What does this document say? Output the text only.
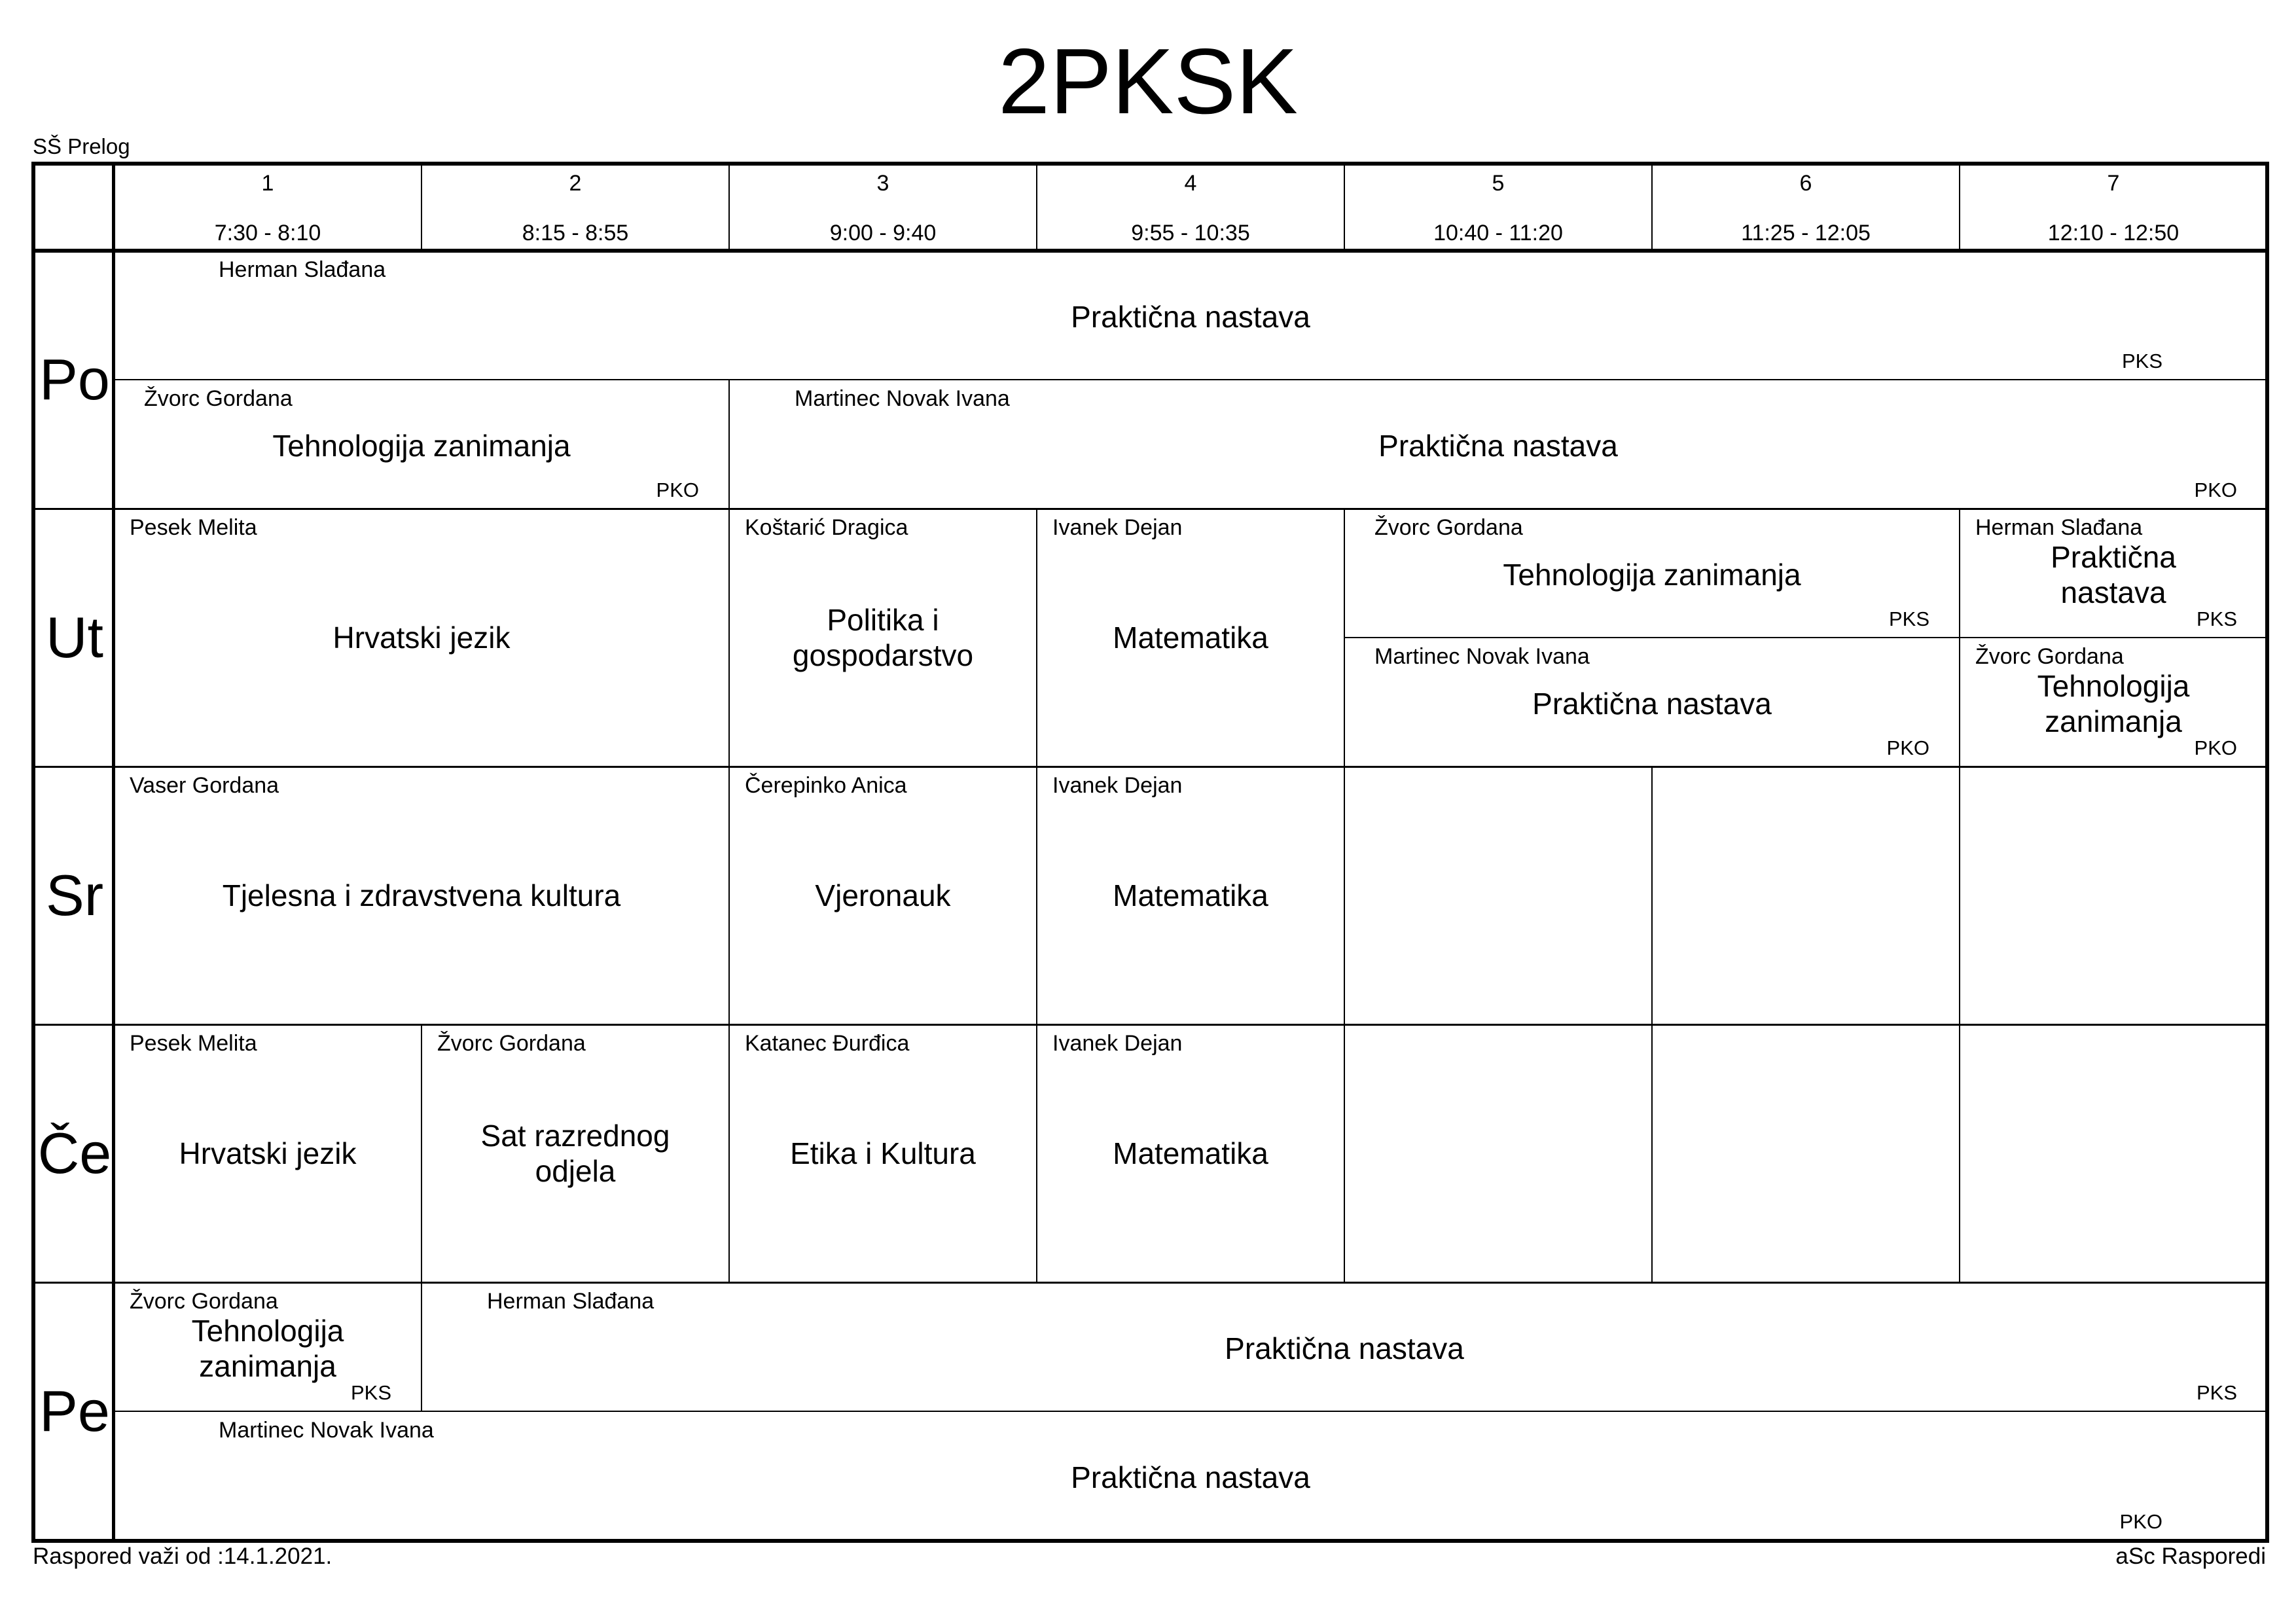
2PKSK
SŠ Prelog
1
7:30 - 8:10
2
8:15 - 8:55
3
9:00 - 9:40
4
9:55 - 10:35
5
10:40 - 11:20
6
11:25 - 12:05
7
12:10 - 12:50
Po
Ut
Sr
Če
Pe
Herman Slađana
Praktična nastava
PKS
Žvorc Gordana
Tehnologija zanimanja
PKO
Martinec Novak Ivana
Praktična nastava
PKO
Pesek Melita
Hrvatski jezik
Koštarić Dragica
Politika i gospodarstvo
Ivanek Dejan
Matematika
Žvorc Gordana
Tehnologija zanimanja
PKS
Herman Slađana
Praktična nastava
PKS
Martinec Novak Ivana
Praktična nastava
PKO
Žvorc Gordana
Tehnologija zanimanja
PKO
Vaser Gordana
Tjelesna i zdravstvena kultura
Čerepinko Anica
Vjeronauk
Ivanek Dejan
Matematika
Pesek Melita
Hrvatski jezik
Žvorc Gordana
Sat razrednog odjela
Katanec Đurđica
Etika i Kultura
Ivanek Dejan
Matematika
Žvorc Gordana
Tehnologija zanimanja
PKS
Herman Slađana
Praktična nastava
PKS
Martinec Novak Ivana
Praktična nastava
PKO
Raspored važi od :14.1.2021.	aSc Rasporedi
